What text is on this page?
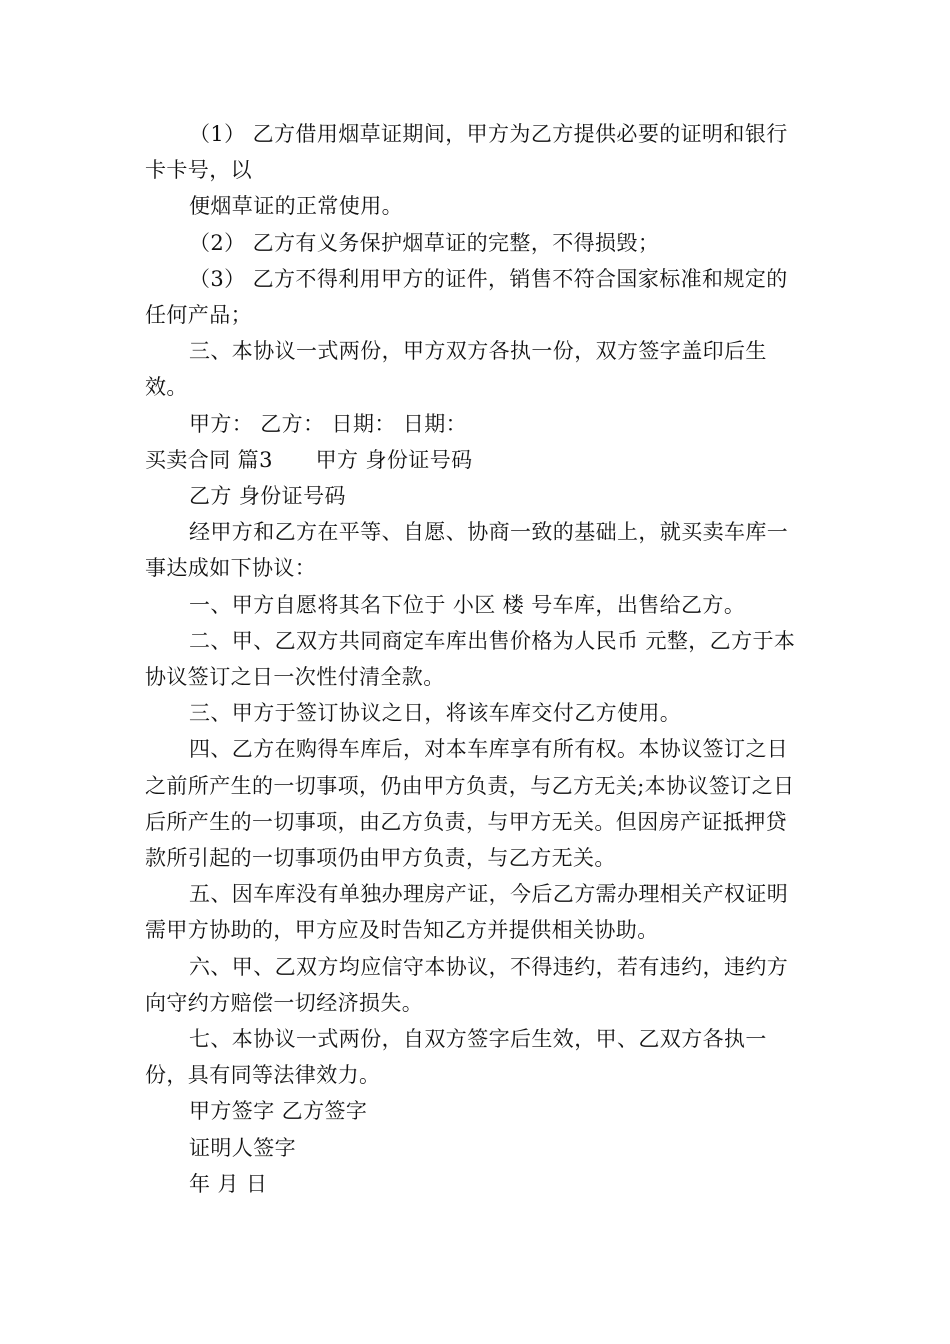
（1） 乙方借用烟草证期间，甲方为乙方提供必要的证明和银行卡卡号，以

便烟草证的正常使用。

（2） 乙方有义务保护烟草证的完整，不得损毁；

（3） 乙方不得利用甲方的证件，销售不符合国家标准和规定的任何产品；

三、本协议一式两份，甲方双方各执一份，双方签字盖印后生效。

甲方： 乙方： 日期： 日期：

买卖合同 篇3　　甲方 身份证号码

乙方 身份证号码

经甲方和乙方在平等、自愿、协商一致的基础上，就买卖车库一事达成如下协议：

一、甲方自愿将其名下位于 小区 楼 号车库，出售给乙方。

二、甲、乙双方共同商定车库出售价格为人民币 元整，乙方于本协议签订之日一次性付清全款。

三、甲方于签订协议之日，将该车库交付乙方使用。

四、乙方在购得车库后，对本车库享有所有权。本协议签订之日之前所产生的一切事项，仍由甲方负责，与乙方无关;本协议签订之日后所产生的一切事项，由乙方负责，与甲方无关。但因房产证抵押贷款所引起的一切事项仍由甲方负责，与乙方无关。

五、因车库没有单独办理房产证，今后乙方需办理相关产权证明需甲方协助的，甲方应及时告知乙方并提供相关协助。

六、甲、乙双方均应信守本协议，不得违约，若有违约，违约方向守约方赔偿一切经济损失。

七、本协议一式两份，自双方签字后生效，甲、乙双方各执一份，具有同等法律效力。

甲方签字 乙方签字

证明人签字

年 月 日
